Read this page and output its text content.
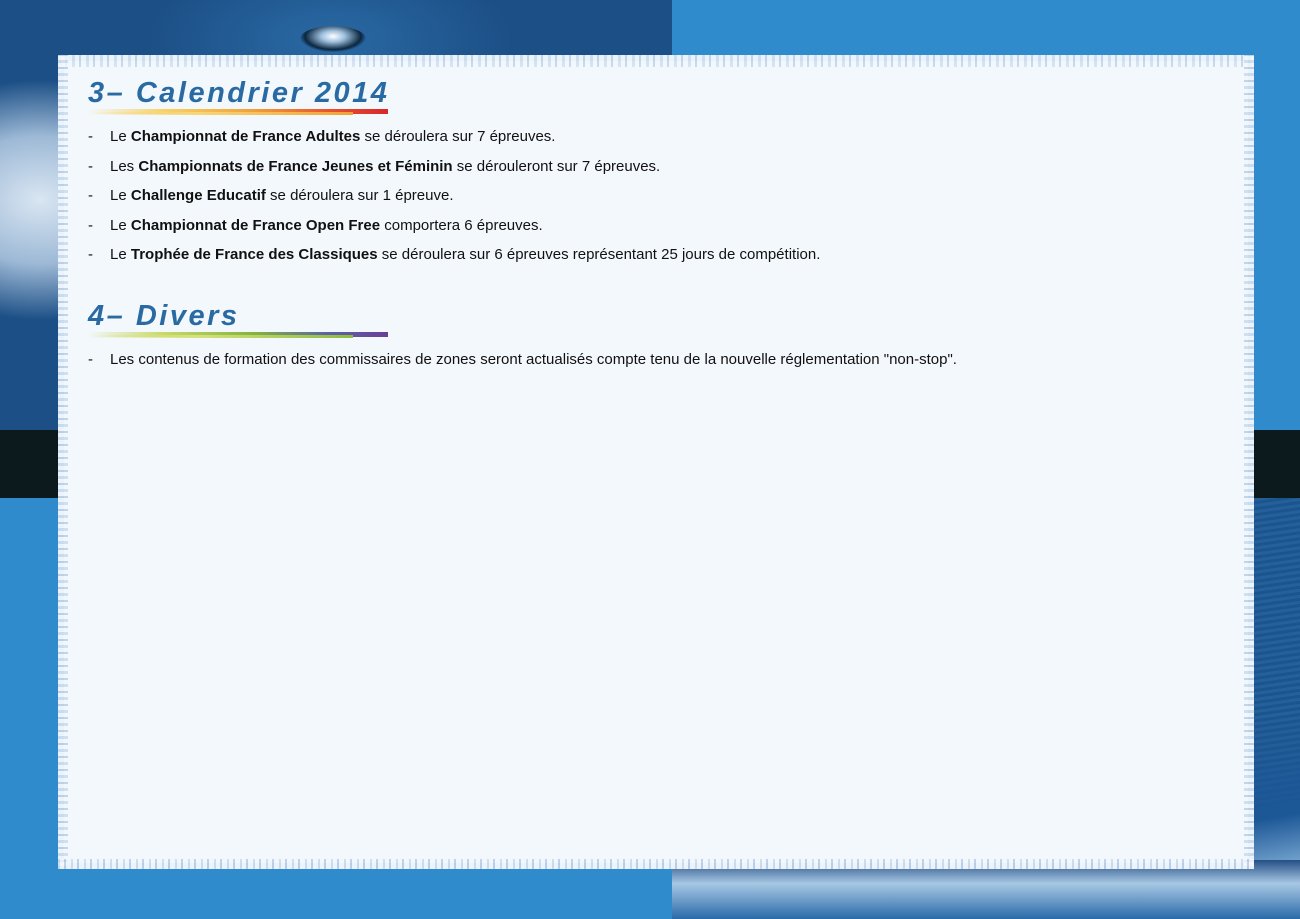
3– Calendrier 2014
- Le Championnat de France Adultes se déroulera sur 7 épreuves.
- Les Championnats de France Jeunes et Féminin se dérouleront sur 7 épreuves.
- Le Challenge Educatif se déroulera sur 1 épreuve.
- Le Championnat de France Open Free comportera 6 épreuves.
- Le Trophée de France des Classiques se déroulera sur 6 épreuves représentant 25 jours de compétition.
4– Divers
- Les contenus de formation des commissaires de zones seront actualisés compte tenu de la nouvelle réglementation "non-stop".
